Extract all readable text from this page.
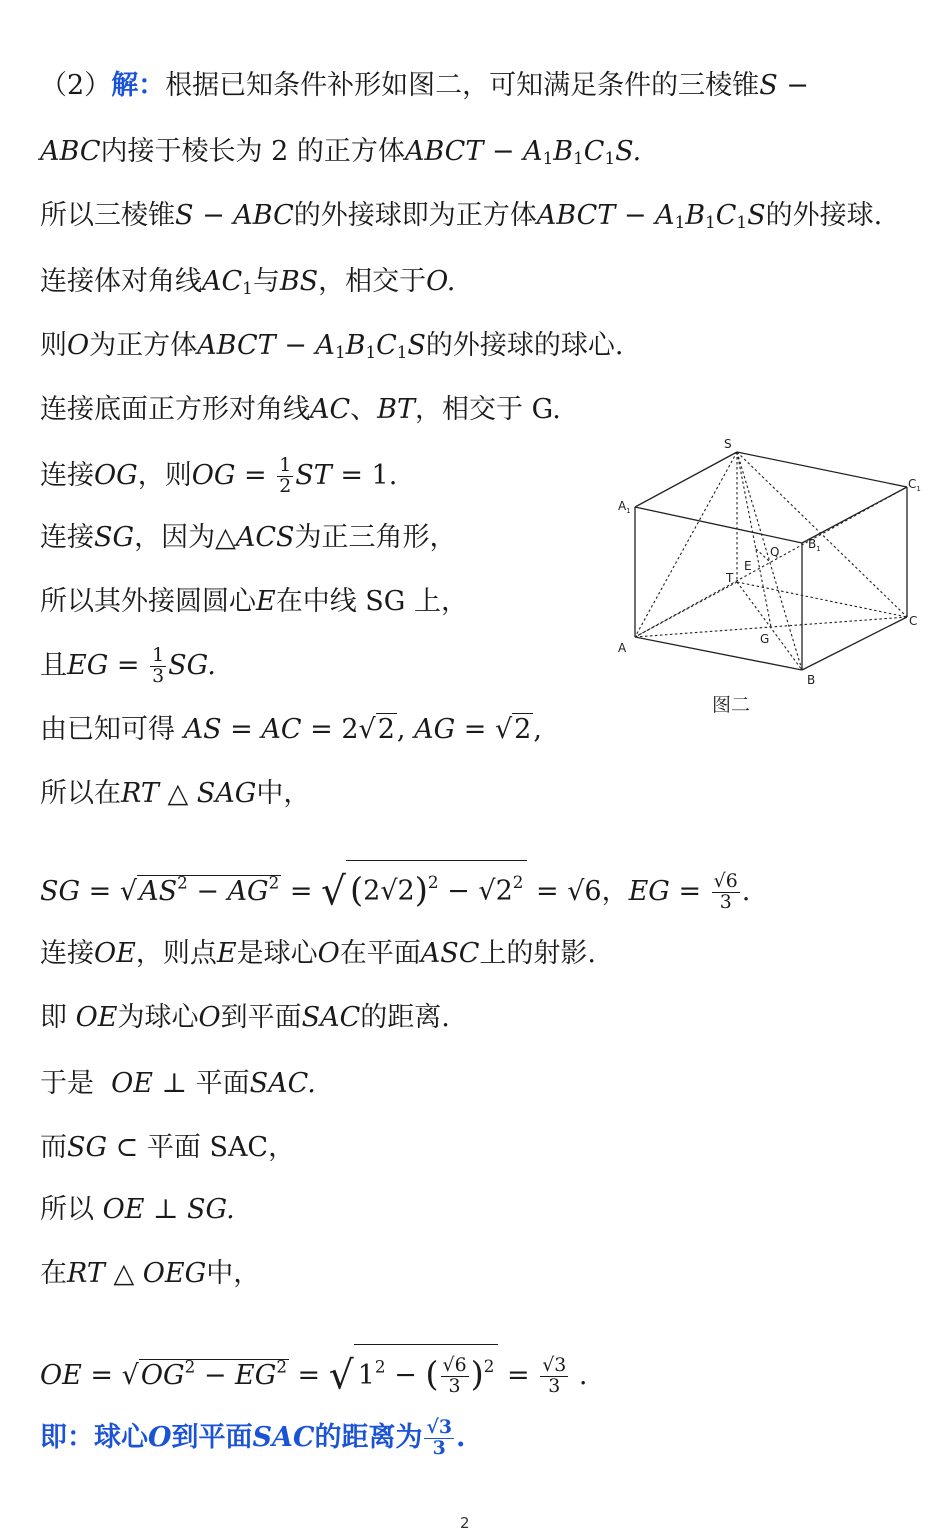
（2）解：根据已知条件补形如图二，可知满足条件的三棱锥S −
ABC内接于棱长为 2 的正方体ABCT − $A_1B_1C_1S$.
所以三棱锥S − ABC的外接球即为正方体ABCT − $A_1B_1C_1S$的外接球.
连接体对角线$AC_1$与BS，相交于O.
则O为正方体ABCT − $A_1B_1C_1S$的外接球的球心.
连接底面正方形对角线AC、BT，相交于 G.
连接OG，则OG = $\frac{1}{2}$ ST = 1.
连接SG，因为△ACS为正三角形，
所以其外接圆圆心E在中线 SG 上，
且EG = $\frac{1}{3}$ SG.
由已知可得 AS = AC = 2√2, AG = √2,
所以在RT △ SAG中，
SG = $√AS^2 - AG^2$ = √ $(2√2)^2 - √2^2 = √6$，EG = $\frac{√6}{3}$ .
连接OE，则点E是球心O在平面ASC上的射影.
即 OE为球心O到平面SAC的距离.
于是 OE ⊥ 平面SAC.
而SG ⊂ 平面 SAC，
所以 OE ⊥ SG.
在RT △ OEG中，
OE = $√OG^2 - EG^2$ = √ $1^2$ − ( $\frac{√6}{3} )^2 = \frac{√3}{3}$ .
即：球心O到平面SAC的距离为 $\frac{√3}{3}$ .
S
$C_1$
$A_1$
$B_1$
Q
E
T
G
A
C
B
图二
2
